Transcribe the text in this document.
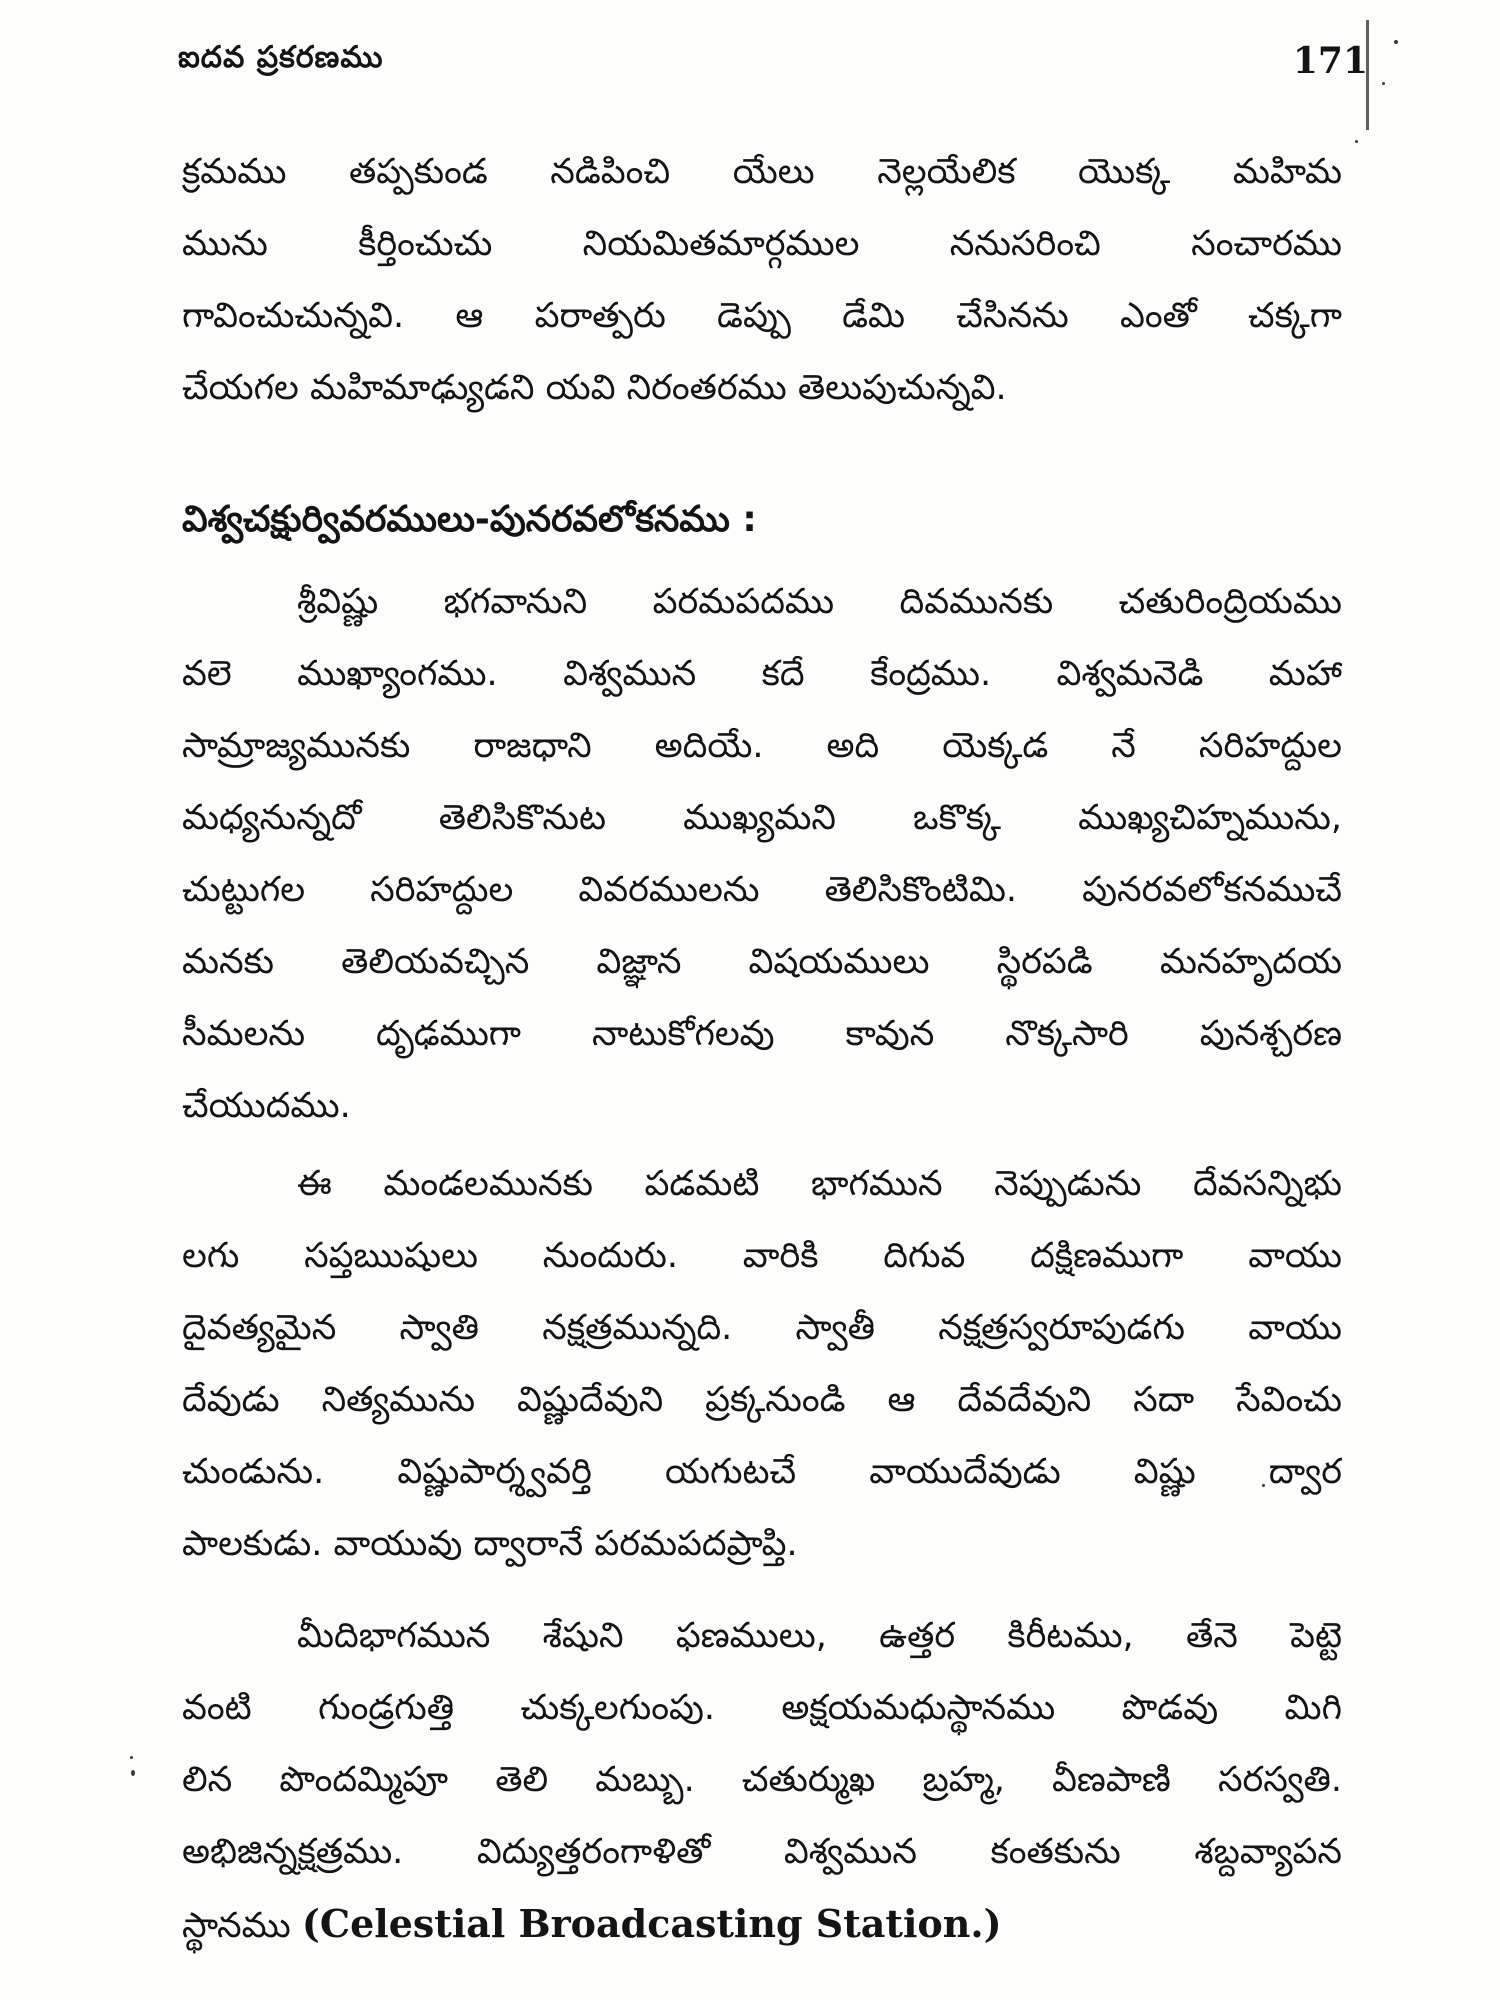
ఐదవ ప్రకరణము	171
క్రమము తప్పకుండ నడిపించి యేలు నెల్లయేలిక యొక్క మహిమ
మును కీర్తించుచు నియమితమార్గముల ననుసరించి సంచారము
గావించుచున్నవి. ఆ పరాత్పరు డెప్పు డేమి చేసినను ఎంతో చక్కగా
చేయగల మహిమాఢ్యుడని యవి నిరంతరము తెలుపుచున్నవి.
విశ్వచక్షుర్వివరములు-పునరవలోకనము :
శ్రీవిష్ణు భగవానుని పరమపదము దివమునకు చతురింద్రియము
వలె ముఖ్యాంగము. విశ్వమున కదే కేంద్రము. విశ్వమనెడి మహా
సామ్రాజ్యమునకు రాజధాని అదియే. అది యెక్కడ నే సరిహద్దుల
మధ్యనున్నదో తెలిసికొనుట ముఖ్యమని ఒకొక్క ముఖ్యచిహ్నమును,
చుట్టుగల సరిహద్దుల వివరములను తెలిసికొంటిమి. పునరవలోకనముచే
మనకు తెలియవచ్చిన విజ్ఞాన విషయములు స్థిరపడి మనహృదయ
సీమలను దృఢముగా నాటుకోగలవు కావున నొక్కసారి పునశ్చరణ
చేయుదము.
ఈ మండలమునకు పడమటి భాగమున నెప్పుడును దేవసన్నిభు
లగు సప్తఋషులు నుందురు. వారికి దిగువ దక్షిణముగా వాయు
దైవత్యమైన స్వాతి నక్షత్రమున్నది. స్వాతీ నక్షత్రస్వరూపుడగు వాయు
దేవుడు నిత్యమును విష్ణుదేవుని ప్రక్కనుండి ఆ దేవదేవుని సదా సేవించు
చుండును. విష్ణుపార్శ్వవర్తి యగుటచే వాయుదేవుడు విష్ణు ద్వార
పాలకుడు. వాయువు ద్వారానే పరమపదప్రాప్తి.
మీదిభాగమున శేషుని ఫణములు, ఉత్తర కిరీటము, తేనె పెట్టె
వంటి గుండ్రగుత్తి చుక్కలగుంపు. అక్షయమధుస్థానము పొడవు మిగి
లిన పొందమ్మిపూ తెలి మబ్బు. చతుర్ముఖ బ్రహ్మ, వీణపాణి సరస్వతి.
అభిజిన్నక్షత్రము. విద్యుత్తరంగాళితో విశ్వమున కంతకును శబ్దవ్యాపన
స్థానము (Celestial Broadcasting Station.)
